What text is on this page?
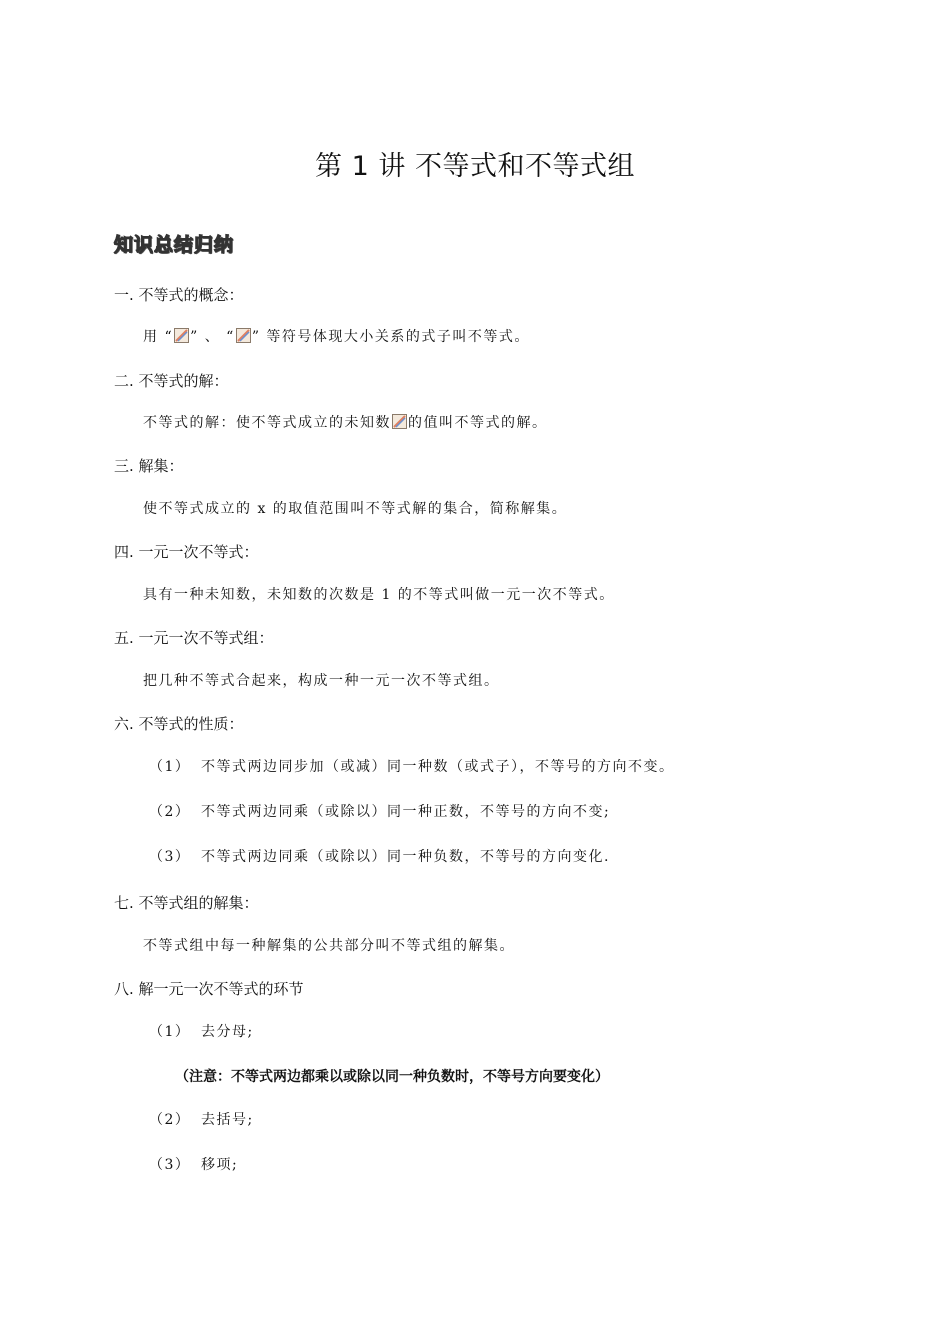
第 1 讲 不等式和不等式组
知识总结归纳
一. 不等式的概念：
用 “ ” 、 “ ” 等符号体现大小关系的式子叫不等式。
二. 不等式的解：
不等式的解：使不等式成立的未知数 的值叫不等式的解。
三. 解集：
使不等式成立的 x 的取值范围叫不等式解的集合，简称解集。
四. 一元一次不等式：
具有一种未知数，未知数的次数是 1 的不等式叫做一元一次不等式。
五. 一元一次不等式组：
把几种不等式合起来，构成一种一元一次不等式组。
六. 不等式的性质：
（1） 不等式两边同步加（或减）同一种数（或式子），不等号的方向不变。
（2） 不等式两边同乘（或除以）同一种正数，不等号的方向不变;
（3） 不等式两边同乘（或除以）同一种负数，不等号的方向变化.
七. 不等式组的解集：
不等式组中每一种解集的公共部分叫不等式组的解集。
八. 解一元一次不等式的环节
（1） 去分母;
（注意：不等式两边都乘以或除以同一种负数时，不等号方向要变化）
（2） 去括号;
（3） 移项;
